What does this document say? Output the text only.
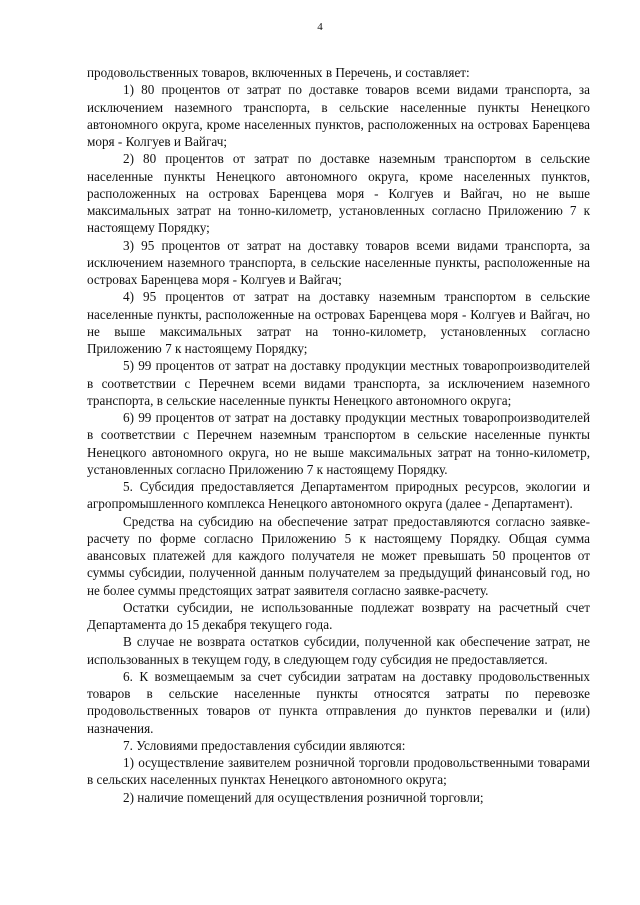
4

продовольственных товаров, включенных в Перечень, и составляет:

1) 80 процентов от затрат по доставке товаров всеми видами транспорта, за исключением наземного транспорта, в сельские населенные пункты Ненецкого автономного округа, кроме населенных пунктов, расположенных на островах Баренцева моря - Колгуев и Вайгач;

2) 80 процентов от затрат по доставке наземным транспортом в сельские населенные пункты Ненецкого автономного округа, кроме населенных пунктов, расположенных на островах Баренцева моря - Колгуев и Вайгач, но не выше максимальных затрат на тонно-километр, установленных согласно Приложению 7 к настоящему Порядку;

3) 95 процентов от затрат на доставку товаров всеми видами транспорта, за исключением наземного транспорта, в сельские населенные пункты, расположенные на островах Баренцева моря - Колгуев и Вайгач;

4) 95 процентов от затрат на доставку наземным транспортом в сельские населенные пункты, расположенные на островах Баренцева моря - Колгуев и Вайгач, но не выше максимальных затрат на тонно-километр, установленных согласно Приложению 7 к настоящему Порядку;

5) 99 процентов от затрат на доставку продукции местных товаропроизводителей в соответствии с Перечнем всеми видами транспорта, за исключением наземного транспорта, в сельские населенные пункты Ненецкого автономного округа;

6) 99 процентов от затрат на доставку продукции местных товаропроизводителей в соответствии с Перечнем наземным транспортом в сельские населенные пункты Ненецкого автономного округа, но не выше максимальных затрат на тонно-километр, установленных согласно Приложению 7 к настоящему Порядку.

5. Субсидия предоставляется Департаментом природных ресурсов, экологии и агропромышленного комплекса Ненецкого автономного округа (далее - Департамент).

Средства на субсидию на обеспечение затрат предоставляются согласно заявке-расчету по форме согласно Приложению 5 к настоящему Порядку. Общая сумма авансовых платежей для каждого получателя не может превышать 50 процентов от суммы субсидии, полученной данным получателем за предыдущий финансовый год, но не более суммы предстоящих затрат заявителя согласно заявке-расчету.

Остатки субсидии, не использованные подлежат возврату на расчетный счет Департамента до 15 декабря текущего года.

В случае не возврата остатков субсидии, полученной как обеспечение затрат, не использованных в текущем году, в следующем году субсидия не предоставляется.

6. К возмещаемым за счет субсидии затратам на доставку продовольственных товаров в сельские населенные пункты относятся затраты по перевозке продовольственных товаров от пункта отправления до пунктов перевалки и (или) назначения.

7. Условиями предоставления субсидии являются:

1) осуществление заявителем розничной торговли продовольственными товарами в сельских населенных пунктах Ненецкого автономного округа;

2) наличие помещений для осуществления розничной торговли;
